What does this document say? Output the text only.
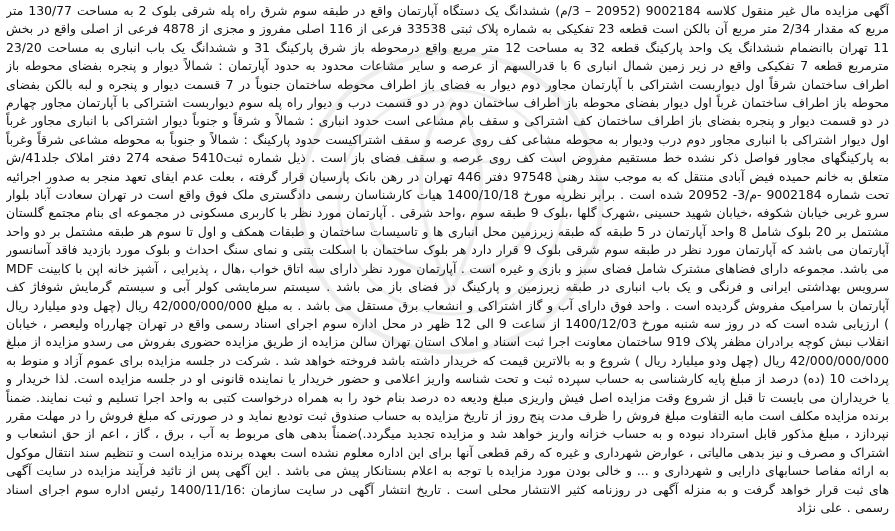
آگهی مزایده مال غیر منقول کلاسه 9002184 (20952 – 3/م) ششدانگ یک دستگاه آپارتمان واقع در طبقه سوم شرق راه پله شرقی بلوک 2 به مساحت 130/77 متر مربع که مقدار 2/34 متر مربع آن بالکن است قطعه 23 تفکیکی به شماره پلاک ثبتی 33538 فرعی از 116 اصلی مفروز و مجزی از 4878 فرعی از اصلی واقع در بخش 11 تهران باانضمام ششدانگ یک واحد پارکینگ قطعه 32 به مساحت 12 متر مربع واقع درمحوطه باز شرق پارکینگ 31 و ششدانگ یک باب انباری به مساحت 23/20 مترمربع قطعه 7 تفکیکی واقع در زیر زمین شمال انباری 6 با قدرالسهم از عرصه و سایر مشاعات محدود به حدود آپارتمان : شمالاً دیوار و پنجره بفضای محوطه باز اطراف ساختمان شرقاً اول دیواربست اشتراکی با آپارتمان مجاور دوم دیوار به فضای باز اطراف محوطه ساختمان جنوباً در 7 قسمت دیوار و پنجره و لبه بالکن بفضای محوطه باز اطراف ساختمان غرباً اول دیوار بفضای محوطه باز اطراف ساختمان دوم در دو قسمت درب و دیوار راه پله سوم دیواربست اشتراکی با آپارتمان مجاور چهارم در دو قسمت دیوار و پنجره بفضای باز اطراف ساختمان کف اشتراکی و سقف بام مشاعی است حدود انباری : شمالاً و شرقاً و جنوباً دیوار اشتراکی با انباری مجاور غرباً اول دیوار اشتراکی با انباری مجاور دوم درب ودیوار به محوطه مشاعی کف روی عرصه و سقف اشتراکیست حدود پارکینگ : شمالاً و جنوباً به محوطه مشاعی شرقاً وغرباً به پارکینگهای مجاور فواصل ذکر نشده خط مستقیم مفروض است کف روی عرصه و سقف فضای باز است . ذیل شماره ثبت5410 صفحه 274 دفتر املاک جلد41/ش متعلق به خانم حمیده فیض آبادی منتقل که به موجب سند رهنی 97548 دفتر 446 تهران در رهن بانک پارسیان قرار گرفته ، بعلت عدم ایفای تعهد منجر به صدور اجرائیه تحت شماره 9002184 -م/3- 20952 شده است . برابر نظریه مورخ 1400/10/18 هیات کارشناسان رسمی دادگستری ملک فوق واقع است در تهران سعادت آباد بلوار سرو غربی خیابان شکوفه ،خیابان شهید حسینی ،شهرک گلها ،بلوک 9 طبقه سوم ،واحد شرقی . آپارتمان مورد نظر با کاربری مسکونی در مجموعه ای بنام مجتمع گلستان مشتمل بر 20 بلوک شامل 8 واحد آپارتمان در 5 طبقه که طبقه زیرزمین محل انباری ها و تاسیسات ساختمان و طبقات همکف و اول تا سوم هر طبقه مشتمل بر دو واحد آپارتمان می باشد که آپارتمان مورد نظر در طبقه سوم شرقی بلوک 9 قرار دارد هر بلوک ساختمان با اسکلت بتنی و نمای سنگ احداث و بلوک مورد بازدید فاقد آسانسور می باشد. مجموعه دارای فضاهای مشترک شامل فضای سبز و بازی و غیره است . آپارتمان مورد نظر دارای سه اتاق خواب ،هال ، پذیرایی ، آشپز خانه اپن با کابینت MDF سرویس بهداشتی ایرانی و فرنگی و یک باب انباری در طبقه زیرزمین و پارکینگ در فضای باز می باشد . سیستم سرمایشی کولر آبی و سیستم گرمایش شوفاژ کف آپارتمان با سرامیک مفروش گردیده است . واحد فوق دارای آب و گاز اشتراکی و انشعاب برق مستقل می باشد . به مبلغ 42/000/000/000 ریال (چهل ودو میلیارد ریال ) ارزیابی شده است که در روز سه شنبه مورخ 1400/12/03 از ساعت 9 الی 12 ظهر در محل اداره سوم اجرای اسناد رسمی واقع در تهران چهارراه ولیعصر ، خیابان انقلاب نبش کوچه برادران مظفر پلاک 919 ساختمان معاونت اجرا ثبت اسناد و املاک استان تهران سالن مزایده از طریق مزایده حضوری بفروش می رسدو مزایده از مبلغ 42/000/000/000 ریال (چهل ودو میلیارد ریال ) شروع و به بالاترین قیمت که خریدار داشته باشد فروخته خواهد شد . شرکت در جلسه مزایده برای عموم آزاد و منوط به پرداخت 10 (ده) درصد از مبلغ پایه کارشناسی به حساب سپرده ثبت و تحت شناسه واریز اعلامی و حضور خریدار یا نماینده قانونی او در جلسه مزایده است. لذا خریدار و یا خریداران می بایست تا قبل از شروع وقت مزایده اصل فیش واریزی مبلغ ودیعه ده درصد بنام خود را به همراه درخواست کتبی به واحد اجرا تسلیم و ثبت نمایند. ضمناً برنده مزایده مکلف است مابه التفاوت مبلغ فروش را ظرف مدت پنج روز از تاریخ مزایده به حساب صندوق ثبت تودیع نماید و در صورتی که مبلغ فروش را در مهلت مقرر نپردازد ، مبلغ مذکور قابل استرداد نبوده و به حساب خزانه واریز خواهد شد و مزایده تجدید میگردد.)ضمناً بدهی های مربوط به آب ، برق ، گاز ، اعم از حق انشعاب و اشتراک و مصرف و نیز بدهی مالیاتی ، عوارض شهرداری و غیره که رقم قطعی آنها برای این اداره معلوم نشده است بعهده برنده مزایده است و تنظیم سند انتقال موکول به ارائه مفاصا حسابهای دارایی و شهرداری و ... و خالی بودن مورد مزایده با توجه به اعلام بستانکار پیش می باشد . این آگهی پس از تائید فرآیند مزایده در سایت آگهی های ثبت قرار خواهد گرفت و به منزله آگهی در روزنامه کثیر الانتشار محلی است . تاریخ انتشار آگهی در سایت سازمان :1400/11/16 رئیس اداره سوم اجرای اسناد رسمی . علی نژاد
